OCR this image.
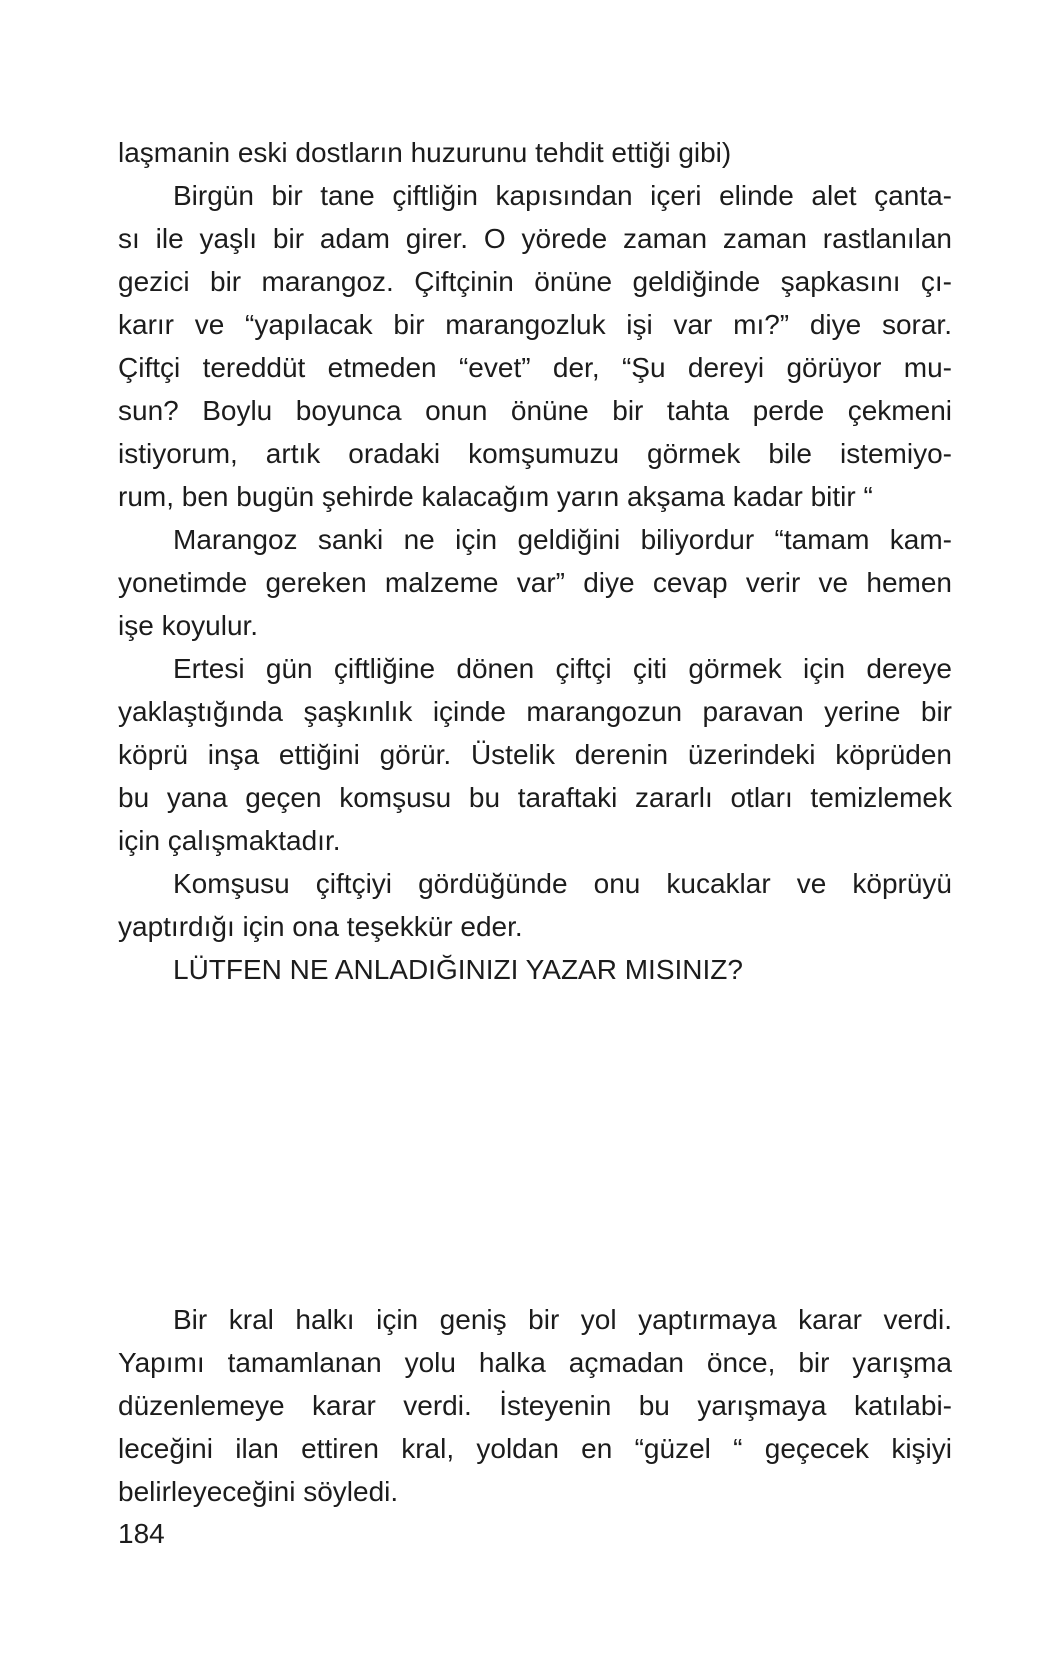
laşmanin eski dostların huzurunu tehdit ettiği gibi)
Birgün bir tane çiftliğin kapısından içeri elinde alet çanta-
sı ile yaşlı bir adam girer. O yörede zaman zaman rastlanılan
gezici bir marangoz. Çiftçinin önüne geldiğinde şapkasını çı-
karır ve “yapılacak bir marangozluk işi var mı?” diye sorar.
Çiftçi tereddüt etmeden “evet” der, “Şu dereyi görüyor mu-
sun? Boylu boyunca onun önüne bir tahta perde çekmeni
istiyorum, artık oradaki komşumuzu görmek bile istemiyo-
rum, ben bugün şehirde kalacağım yarın akşama kadar bitir “
Marangoz sanki ne için geldiğini biliyordur “tamam kam-
yonetimde gereken malzeme var” diye cevap verir ve hemen
işe koyulur.
Ertesi gün çiftliğine dönen çiftçi çiti görmek için dereye
yaklaştığında şaşkınlık içinde marangozun paravan yerine bir
köprü inşa ettiğini görür. Üstelik derenin üzerindeki köprüden
bu yana geçen komşusu bu taraftaki zararlı otları temizlemek
için çalışmaktadır.
Komşusu çiftçiyi gördüğünde onu kucaklar ve köprüyü
yaptırdığı için ona teşekkür eder.
LÜTFEN NE ANLADIĞINIZI YAZAR MISINIZ?
Bir kral halkı için geniş bir yol yaptırmaya karar verdi.
Yapımı tamamlanan yolu halka açmadan önce, bir yarışma
düzenlemeye karar verdi. İsteyenin bu yarışmaya katılabi-
leceğini ilan ettiren kral, yoldan en “güzel “ geçecek kişiyi
belirleyeceğini söyledi.
184
